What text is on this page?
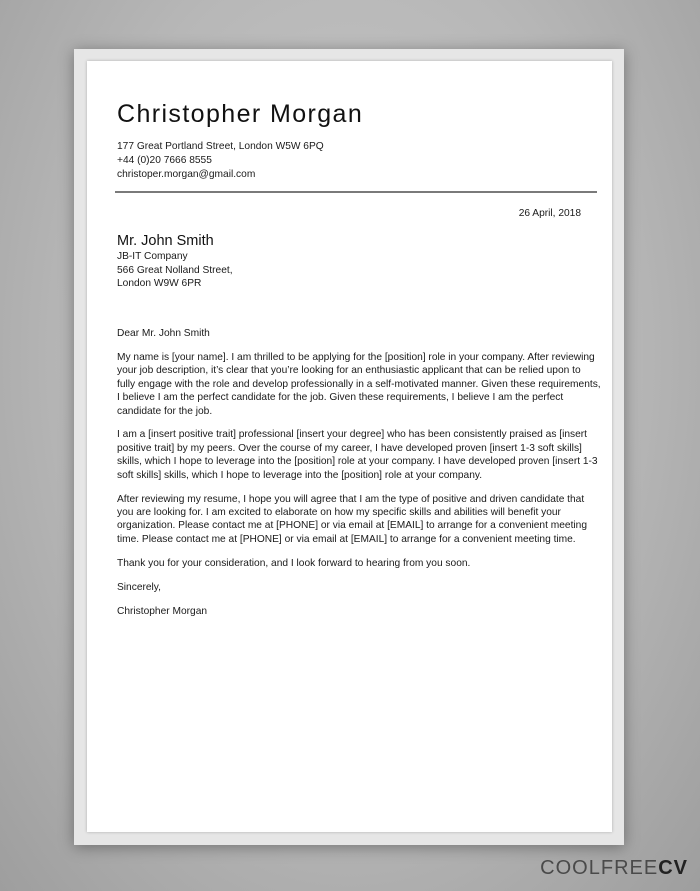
Christopher Morgan
177 Great Portland Street, London W5W 6PQ
+44 (0)20 7666 8555
christoper.morgan@gmail.com
26 April, 2018
Mr. John Smith
JB-IT Company
566 Great Nolland Street,
London W9W 6PR

Dear Mr. John Smith

My name is [your name]. I am thrilled to be applying for the [position] role in your company. After reviewing your job description, it’s clear that you’re looking for an enthusiastic applicant that can be relied upon to fully engage with the role and develop professionally in a self-motivated manner. Given these requirements, I believe I am the perfect candidate for the job. Given these requirements, I believe I am the perfect candidate for the job.

I am a [insert positive trait] professional [insert your degree] who has been consistently praised as [insert positive trait] by my peers. Over the course of my career, I have developed proven [insert 1-3 soft skills] skills, which I hope to leverage into the [position] role at your company. I have developed proven [insert 1-3 soft skills] skills, which I hope to leverage into the [position] role at your company.

After reviewing my resume, I hope you will agree that I am the type of positive and driven candidate that you are looking for. I am excited to elaborate on how my specific skills and abilities will benefit your organization. Please contact me at [PHONE] or via email at [EMAIL] to arrange for a convenient meeting time. Please contact me at [PHONE] or via email at [EMAIL] to arrange for a convenient meeting time.

Thank you for your consideration, and I look forward to hearing from you soon.

Sincerely,

Christopher Morgan

COOLFREECV
